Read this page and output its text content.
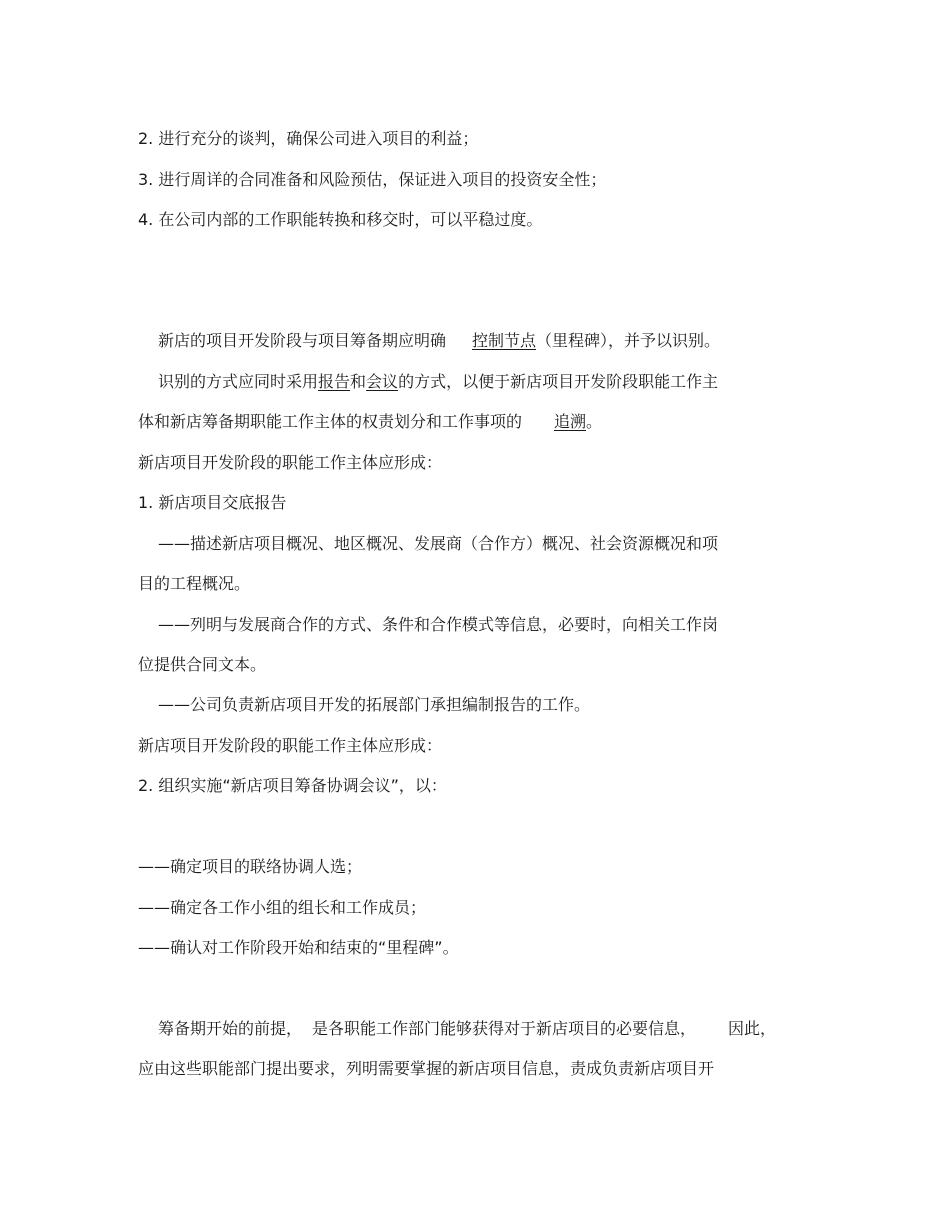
2. 进行充分的谈判，确保公司进入项目的利益；
3. 进行周详的合同准备和风险预估，保证进入项目的投资安全性；
4. 在公司内部的工作职能转换和移交时，可以平稳过度。
新店的项目开发阶段与项目筹备期应明确 控制节点（里程碑），并予以识别。
识别的方式应同时采用报告和会议的方式，以便于新店项目开发阶段职能工作主
体和新店筹备期职能工作主体的权责划分和工作事项的 追溯。
新店项目开发阶段的职能工作主体应形成：
1. 新店项目交底报告
——描述新店项目概况、地区概况、发展商（合作方）概况、社会资源概况和项
目的工程概况。
——列明与发展商合作的方式、条件和合作模式等信息，必要时，向相关工作岗
位提供合同文本。
——公司负责新店项目开发的拓展部门承担编制报告的工作。
新店项目开发阶段的职能工作主体应形成：
2. 组织实施“新店项目筹备协调会议”，以：
——确定项目的联络协调人选；
——确定各工作小组的组长和工作成员；
——确认对工作阶段开始和结束的“里程碑”。
筹备期开始的前提， 是各职能工作部门能够获得对于新店项目的必要信息， 因此，
应由这些职能部门提出要求，列明需要掌握的新店项目信息，责成负责新店项目开
